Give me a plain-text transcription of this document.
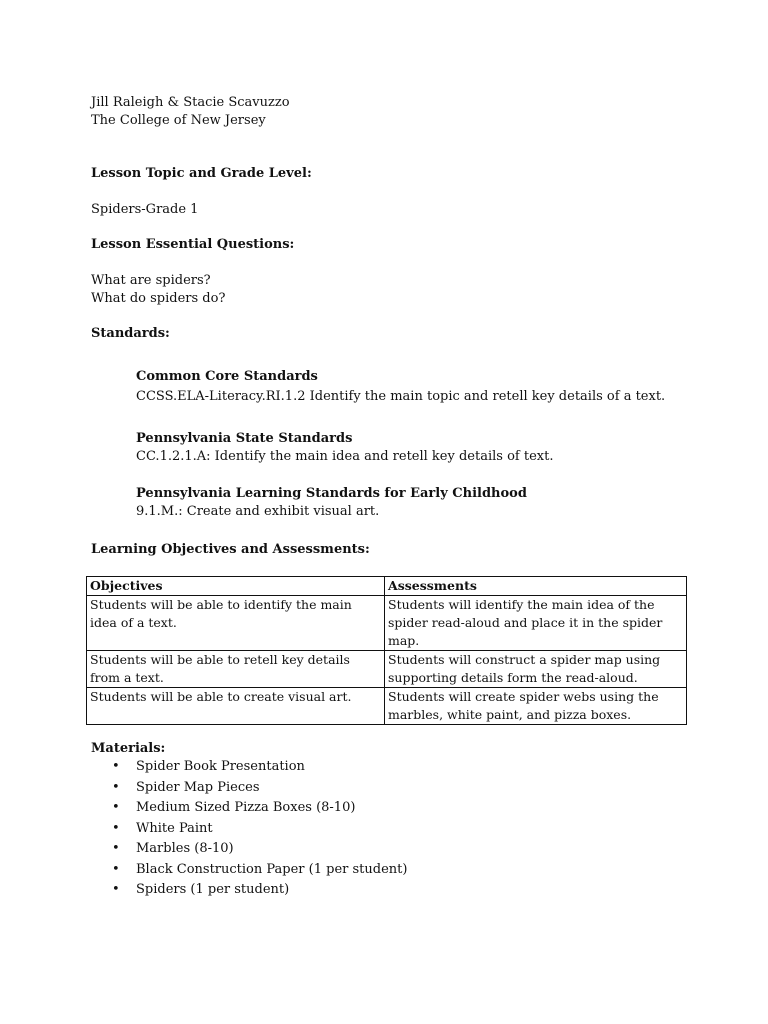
Jill Raleigh & Stacie Scavuzzo
The College of New Jersey
Lesson Topic and Grade Level:
Spiders-Grade 1
Lesson Essential Questions:
What are spiders?
What do spiders do?
Standards:
Common Core Standards
CCSS.ELA-Literacy.RI.1.2 Identify the main topic and retell key details of a text.
Pennsylvania State Standards
CC.1.2.1.A: Identify the main idea and retell key details of text.
Pennsylvania Learning Standards for Early Childhood
9.1.M.: Create and exhibit visual art.
Learning Objectives and Assessments:
Objectives	Assessments
Students will be able to identify the main idea of a text.	Students will identify the main idea of the spider read-aloud and place it in the spider map.
Students will be able to retell key details from a text.	Students will construct a spider map using supporting details form the read-aloud.
Students will be able to create visual art.	Students will create spider webs using the marbles, white paint, and pizza boxes.
Materials:
• Spider Book Presentation
• Spider Map Pieces
• Medium Sized Pizza Boxes (8-10)
• White Paint
• Marbles (8-10)
• Black Construction Paper (1 per student)
• Spiders (1 per student)
